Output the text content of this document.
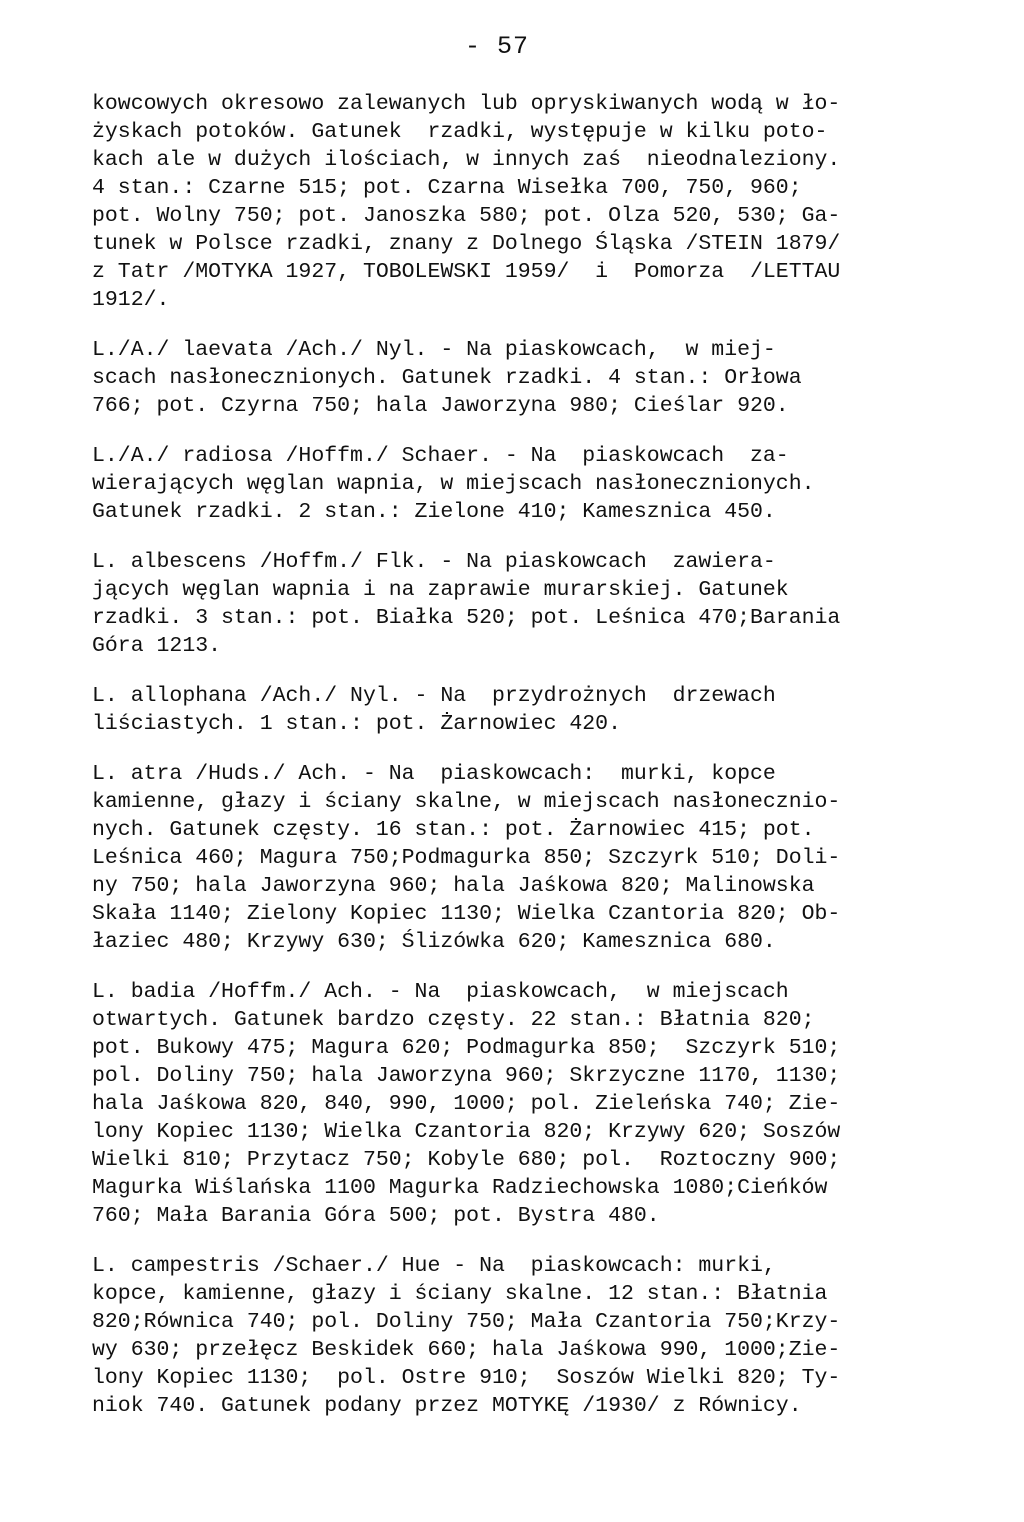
- 57
kowcowych okresowo zalewanych lub opryskiwanych wodą w ło-
żyskach potoków. Gatunek  rzadki, występuje w kilku poto-
kach ale w dużych ilościach, w innych zaś  nieodnaleziony.
4 stan.: Czarne 515; pot. Czarna Wisełka 700, 750, 960;
pot. Wolny 750; pot. Janoszka 580; pot. Olza 520, 530; Ga-
tunek w Polsce rzadki, znany z Dolnego Śląska /STEIN 1879/
z Tatr /MOTYKA 1927, TOBOLEWSKI 1959/  i  Pomorza  /LETTAU
1912/.
L./A./ laevata /Ach./ Nyl. - Na piaskowcach,  w miej-
scach nasłonecznionych. Gatunek rzadki. 4 stan.: Orłowa
766; pot. Czyrna 750; hala Jaworzyna 980; Cieślar 920.
L./A./ radiosa /Hoffm./ Schaer. - Na  piaskowcach  za-
wierających węglan wapnia, w miejscach nasłonecznionych.
Gatunek rzadki. 2 stan.: Zielone 410; Kamesznica 450.
L. albescens /Hoffm./ Flk. - Na piaskowcach  zawiera-
jących węglan wapnia i na zaprawie murarskiej. Gatunek
rzadki. 3 stan.: pot. Białka 520; pot. Leśnica 470;Barania
Góra 1213.
L. allophana /Ach./ Nyl. - Na  przydrożnych  drzewach
liściastych. 1 stan.: pot. Żarnowiec 420.
L. atra /Huds./ Ach. - Na  piaskowcach:  murki, kopce
kamienne, głazy i ściany skalne, w miejscach nasłonecznio-
nych. Gatunek częsty. 16 stan.: pot. Żarnowiec 415; pot.
Leśnica 460; Magura 750;Podmagurka 850; Szczyrk 510; Doli-
ny 750; hala Jaworzyna 960; hala Jaśkowa 820; Malinowska
Skała 1140; Zielony Kopiec 1130; Wielka Czantoria 820; Ob-
łaziec 480; Krzywy 630; Ślizówka 620; Kamesznica 680.
L. badia /Hoffm./ Ach. - Na  piaskowcach,  w miejscach
otwartych. Gatunek bardzo częsty. 22 stan.: Błatnia 820;
pot. Bukowy 475; Magura 620; Podmagurka 850;  Szczyrk 510;
pol. Doliny 750; hala Jaworzyna 960; Skrzyczne 1170, 1130;
hala Jaśkowa 820, 840, 990, 1000; pol. Zieleńska 740; Zie-
lony Kopiec 1130; Wielka Czantoria 820; Krzywy 620; Soszów
Wielki 810; Przytacz 750; Kobyle 680; pol.  Roztoczny 900;
Magurka Wiślańska 1100 Magurka Radziechowska 1080;Cieńków
760; Mała Barania Góra 500; pot. Bystra 480.
L. campestris /Schaer./ Hue - Na  piaskowcach: murki,
kopce, kamienne, głazy i ściany skalne. 12 stan.: Błatnia
820;Równica 740; pol. Doliny 750; Mała Czantoria 750;Krzy-
wy 630; przełęcz Beskidek 660; hala Jaśkowa 990, 1000;Zie-
lony Kopiec 1130;  pol. Ostre 910;  Soszów Wielki 820; Ty-
niok 740. Gatunek podany przez MOTYKĘ /1930/ z Równicy.
